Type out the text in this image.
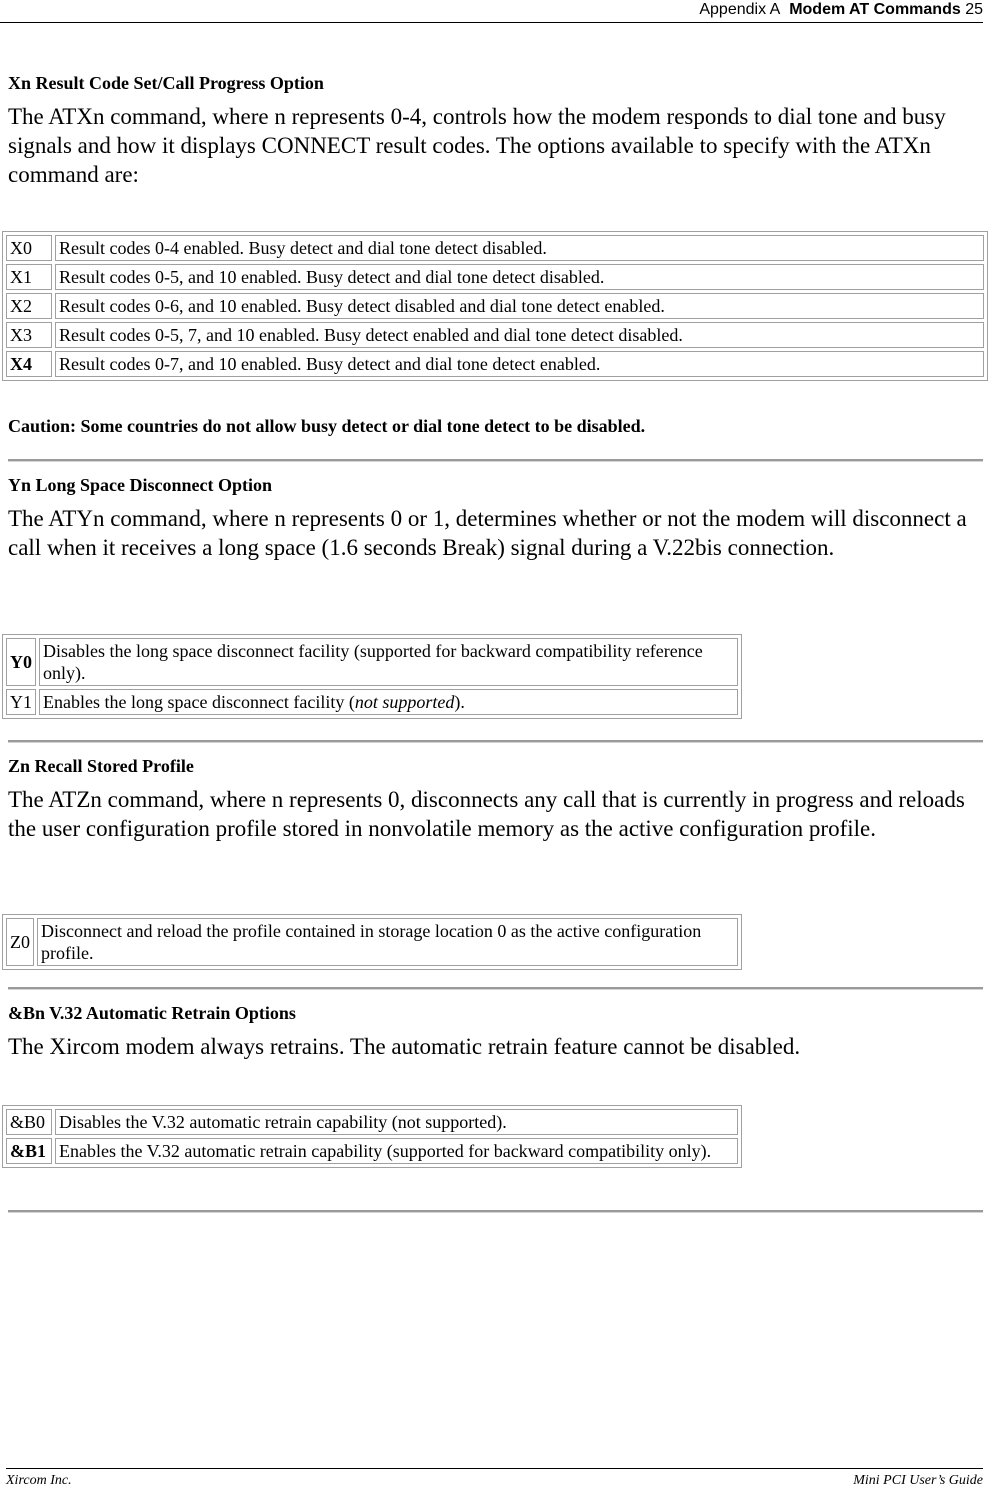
Appendix A Modem AT Commands 25
Xn Result Code Set/Call Progress Option

The ATXn command, where n represents 0-4, controls how the modem responds to dial tone and busy signals and how it displays CONNECT result codes. The options available to specify with the ATXn command are:

X0	Result codes 0-4 enabled. Busy detect and dial tone detect disabled.
X1	Result codes 0-5, and 10 enabled. Busy detect and dial tone detect disabled.
X2	Result codes 0-6, and 10 enabled. Busy detect disabled and dial tone detect enabled.
X3	Result codes 0-5, 7, and 10 enabled. Busy detect enabled and dial tone detect disabled.
X4	Result codes 0-7, and 10 enabled. Busy detect and dial tone detect enabled.
Caution: Some countries do not allow busy detect or dial tone detect to be disabled.
Yn Long Space Disconnect Option

The ATYn command, where n represents 0 or 1, determines whether or not the modem will disconnect a call when it receives a long space (1.6 seconds Break) signal during a V.22bis connection.

Y0	Disables the long space disconnect facility (supported for backward compatibility reference only).
Y1	Enables the long space disconnect facility (not supported).
Zn Recall Stored Profile

The ATZn command, where n represents 0, disconnects any call that is currently in progress and reloads the user configuration profile stored in nonvolatile memory as the active configuration profile.

Z0	Disconnect and reload the profile contained in storage location 0 as the active configuration profile.
&Bn V.32 Automatic Retrain Options

The Xircom modem always retrains. The automatic retrain feature cannot be disabled.

&B0	Disables the V.32 automatic retrain capability (not supported).
&B1	Enables the V.32 automatic retrain capability (supported for backward compatibility only).
Xircom Inc.	Mini PCI User’s Guide
